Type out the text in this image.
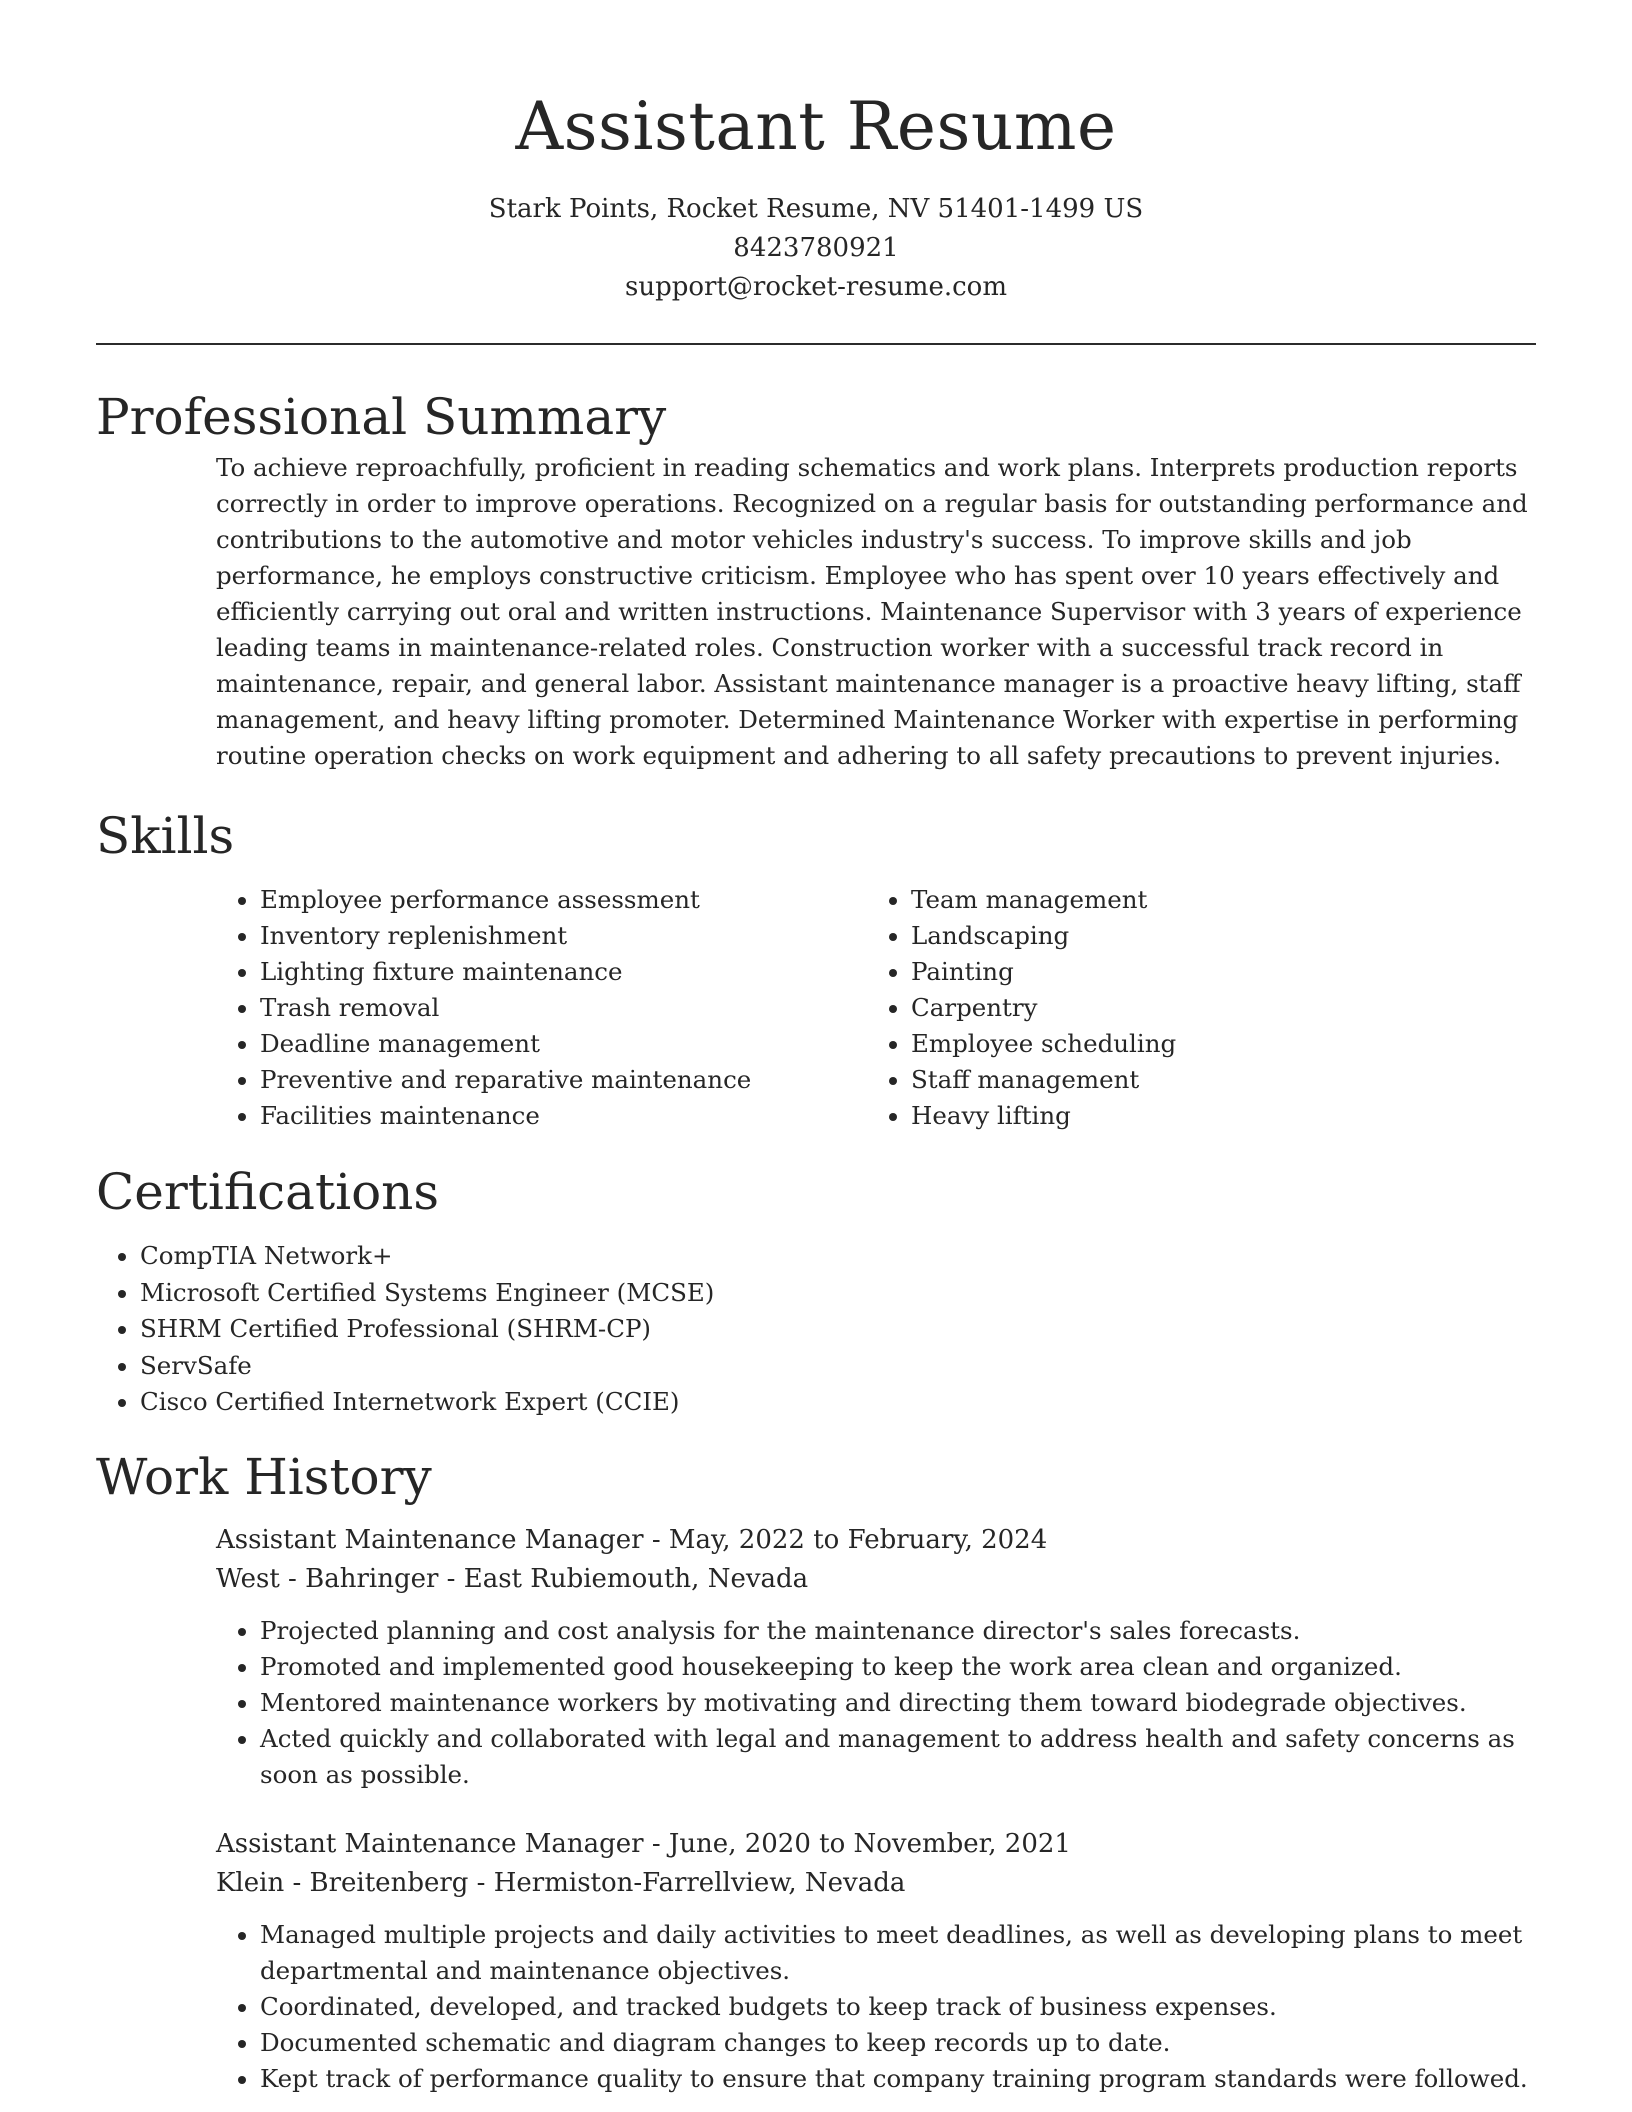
Assistant Resume
Stark Points, Rocket Resume, NV 51401-1499 US
8423780921
support@rocket-resume.com
Professional Summary

To achieve reproachfully, proficient in reading schematics and work plans. Interprets production reports correctly in order to improve operations. Recognized on a regular basis for outstanding performance and contributions to the automotive and motor vehicles industry's success. To improve skills and job performance, he employs constructive criticism. Employee who has spent over 10 years effectively and efficiently carrying out oral and written instructions. Maintenance Supervisor with 3 years of experience leading teams in maintenance-related roles. Construction worker with a successful track record in maintenance, repair, and general labor. Assistant maintenance manager is a proactive heavy lifting, staff management, and heavy lifting promoter. Determined Maintenance Worker with expertise in performing routine operation checks on work equipment and adhering to all safety precautions to prevent injuries.

Skills
• Employee performance assessment
• Inventory replenishment
• Lighting fixture maintenance
• Trash removal
• Deadline management
• Preventive and reparative maintenance
• Facilities maintenance
• Team management
• Landscaping
• Painting
• Carpentry
• Employee scheduling
• Staff management
• Heavy lifting
Certifications
• CompTIA Network+
• Microsoft Certified Systems Engineer (MCSE)
• SHRM Certified Professional (SHRM-CP)
• ServSafe
• Cisco Certified Internetwork Expert (CCIE)
Work History
Assistant Maintenance Manager - May, 2022 to February, 2024
West - Bahringer - East Rubiemouth, Nevada
• Projected planning and cost analysis for the maintenance director's sales forecasts.
• Promoted and implemented good housekeeping to keep the work area clean and organized.
• Mentored maintenance workers by motivating and directing them toward biodegrade objectives.
• Acted quickly and collaborated with legal and management to address health and safety concerns as soon as possible.
Assistant Maintenance Manager - June, 2020 to November, 2021
Klein - Breitenberg - Hermiston-Farrellview, Nevada
• Managed multiple projects and daily activities to meet deadlines, as well as developing plans to meet departmental and maintenance objectives.
• Coordinated, developed, and tracked budgets to keep track of business expenses.
• Documented schematic and diagram changes to keep records up to date.
• Kept track of performance quality to ensure that company training program standards were followed.
